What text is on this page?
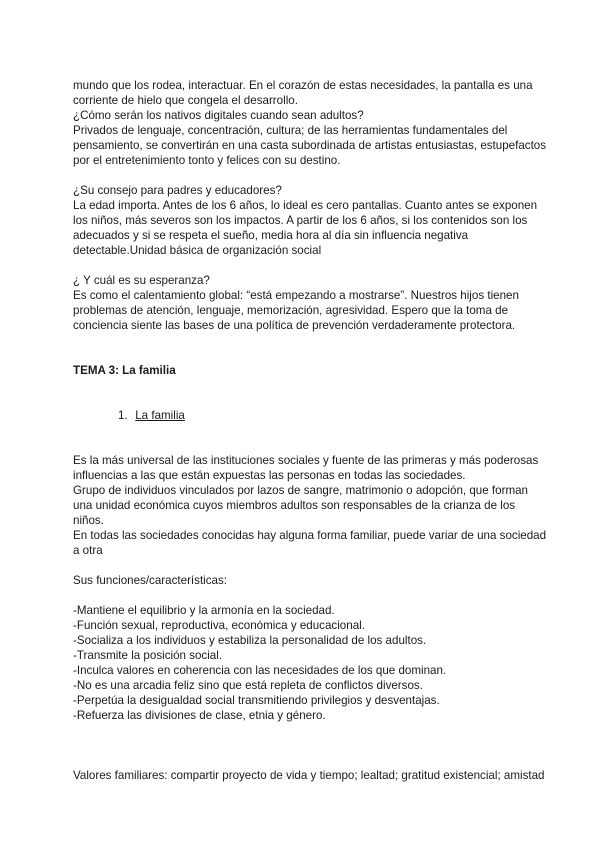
mundo que los rodea, interactuar. En el corazón de estas necesidades, la pantalla es una
corriente de hielo que congela el desarrollo.
¿Cómo serán los nativos digitales cuando sean adultos?
Privados de lenguaje, concentración, cultura; de las herramientas fundamentales del
pensamiento, se convertirán en una casta subordinada de artistas entusiastas, estupefactos
por el entretenimiento tonto y felices con su destino.
¿Su consejo para padres y educadores?
La edad importa. Antes de los 6 años, lo ideal es cero pantallas. Cuanto antes se exponen
los niños, más severos son los impactos. A partir de los 6 años, si los contenidos son los
adecuados y si se respeta el sueño, media hora al día sin influencia negativa
detectable.Unidad básica de organización social
¿ Y cuál es su esperanza?
Es como el calentamiento global: “está empezando a mostrarse”. Nuestros hijos tienen
problemas de atención, lenguaje, memorización, agresividad. Espero que la toma de
conciencia siente las bases de una política de prevención verdaderamente protectora.
TEMA 3: La familia
1. La familia
Es la más universal de las instituciones sociales y fuente de las primeras y más poderosas
influencias a las que están expuestas las personas en todas las sociedades.
Grupo de individuos vinculados por lazos de sangre, matrimonio o adopción, que forman
una unidad económica cuyos miembros adultos son responsables de la crianza de los
niños.
En todas las sociedades conocidas hay alguna forma familiar, puede variar de una sociedad
a otra
Sus funciones/características:
-Mantiene el equilibrio y la armonía en la sociedad.
-Función sexual, reproductiva, económica y educacional.
-Socializa a los individuos y estabiliza la personalidad de los adultos.
-Transmite la posición social.
-Inculca valores en coherencia con las necesidades de los que dominan.
-No es una arcadia feliz sino que está repleta de conflictos diversos.
-Perpetúa la desigualdad social transmitiendo privilegios y desventajas.
-Refuerza las divisiones de clase, etnia y género.
Valores familiares: compartir proyecto de vida y tiempo; lealtad; gratitud existencial; amistad
